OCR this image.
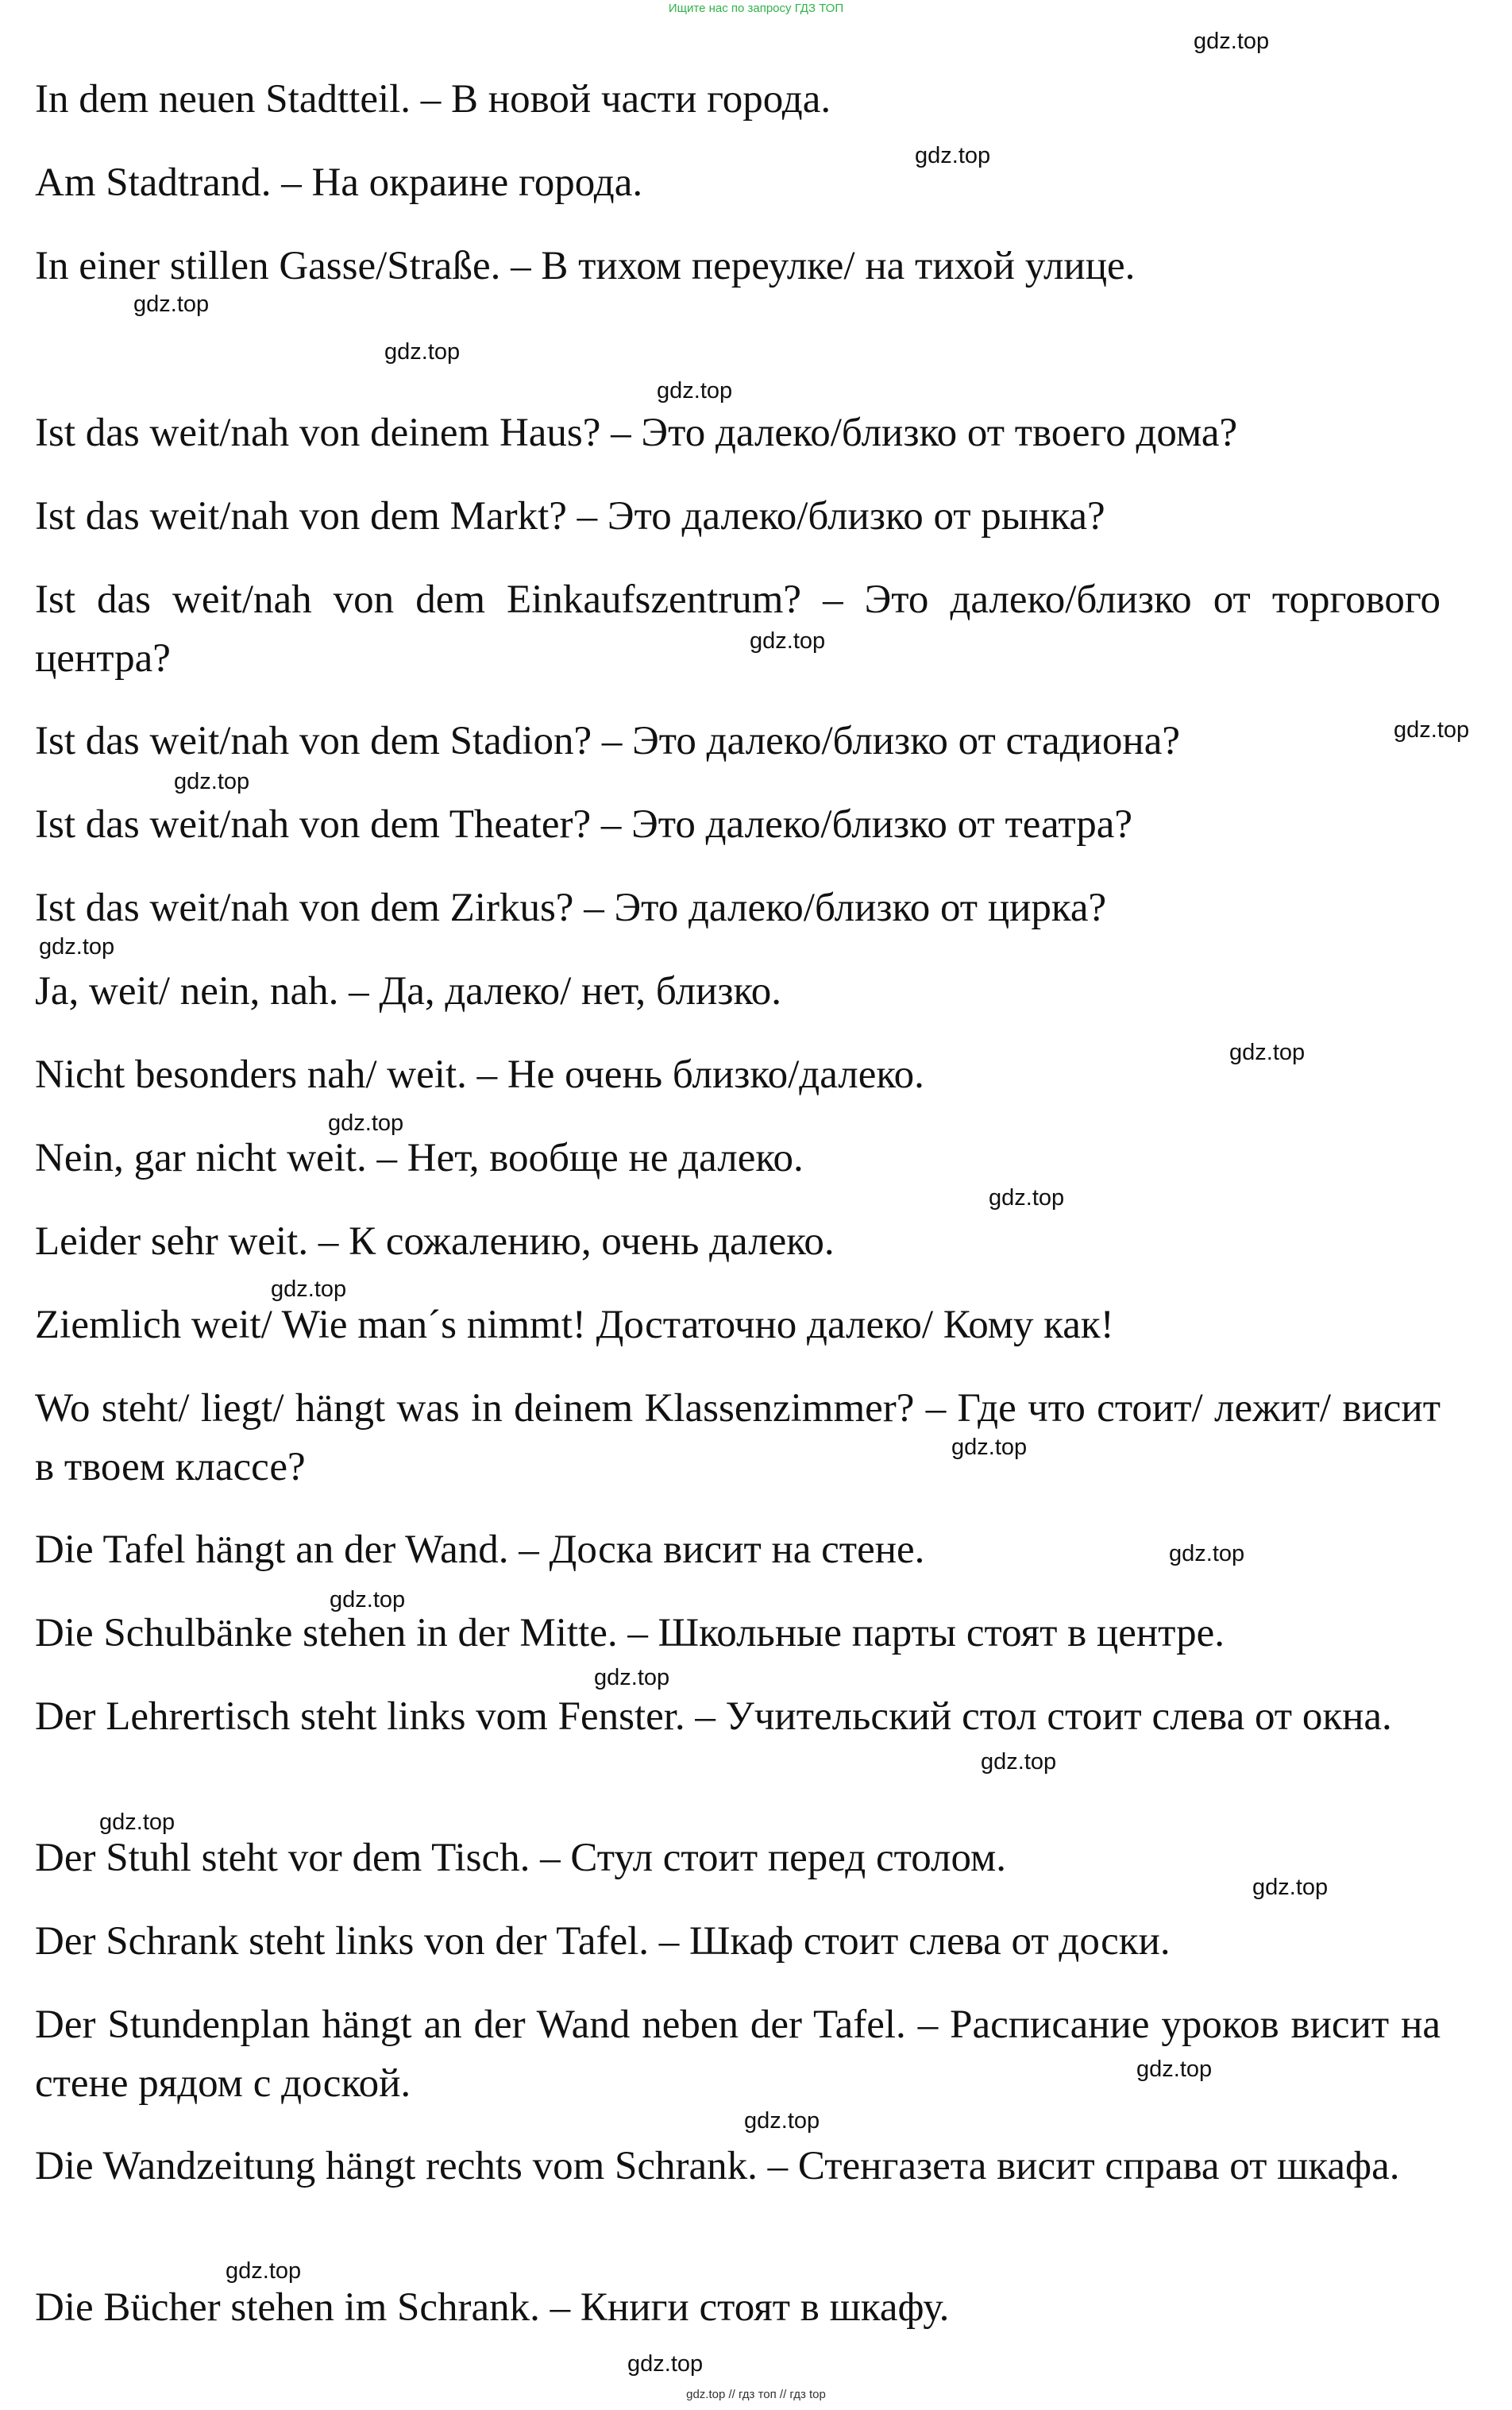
Ищите нас по запросу ГДЗ ТОП
In dem neuen Stadtteil. – В новой части города.
Am Stadtrand. – На окраине города.
In einer stillen Gasse/Straße. – В тихом переулке/ на тихой улице.
Ist das weit/nah von deinem Haus? – Это далеко/близко от твоего дома?
Ist das weit/nah von dem Markt? – Это далеко/близко от рынка?
Ist das weit/nah von dem Einkaufszentrum? – Это далеко/близко от торгового центра?
Ist das weit/nah von dem Stadion? – Это далеко/близко от стадиона?
Ist das weit/nah von dem Theater? – Это далеко/близко от театра?
Ist das weit/nah von dem Zirkus? – Это далеко/близко от цирка?
Ja, weit/ nein, nah. – Да, далеко/ нет, близко.
Nicht besonders nah/ weit. – Не очень близко/далеко.
Nein, gar nicht weit. – Нет, вообще не далеко.
Leider sehr weit. – К сожалению, очень далеко.
Ziemlich weit/ Wie man´s nimmt! Достаточно далеко/ Кому как!
Wo steht/ liegt/ hängt was in deinem Klassenzimmer? – Где что стоит/ лежит/ висит в твоем классе?
Die Tafel hängt an der Wand. – Доска висит на стене.
Die Schulbänke stehen in der Mitte. – Школьные парты стоят в центре.
Der Lehrertisch steht links vom Fenster. – Учительский стол стоит слева от окна.
Der Stuhl steht vor dem Tisch. – Стул стоит перед столом.
Der Schrank steht links von der Tafel. – Шкаф стоит слева от доски.
Der Stundenplan hängt an der Wand neben der Tafel. – Расписание уроков висит на стене рядом с доской.
Die Wandzeitung hängt rechts vom Schrank. – Стенгазета висит справа от шкафа.
Die Bücher stehen im Schrank. – Книги стоят в шкафу.
gdz.top
gdz.top
gdz.top
gdz.top
gdz.top
gdz.top
gdz.top
gdz.top
gdz.top
gdz.top
gdz.top
gdz.top
gdz.top
gdz.top
gdz.top
gdz.top
gdz.top
gdz.top
gdz.top
gdz.top
gdz.top
gdz.top
gdz.top
gdz.top
gdz.top // гдз топ // гдз top
